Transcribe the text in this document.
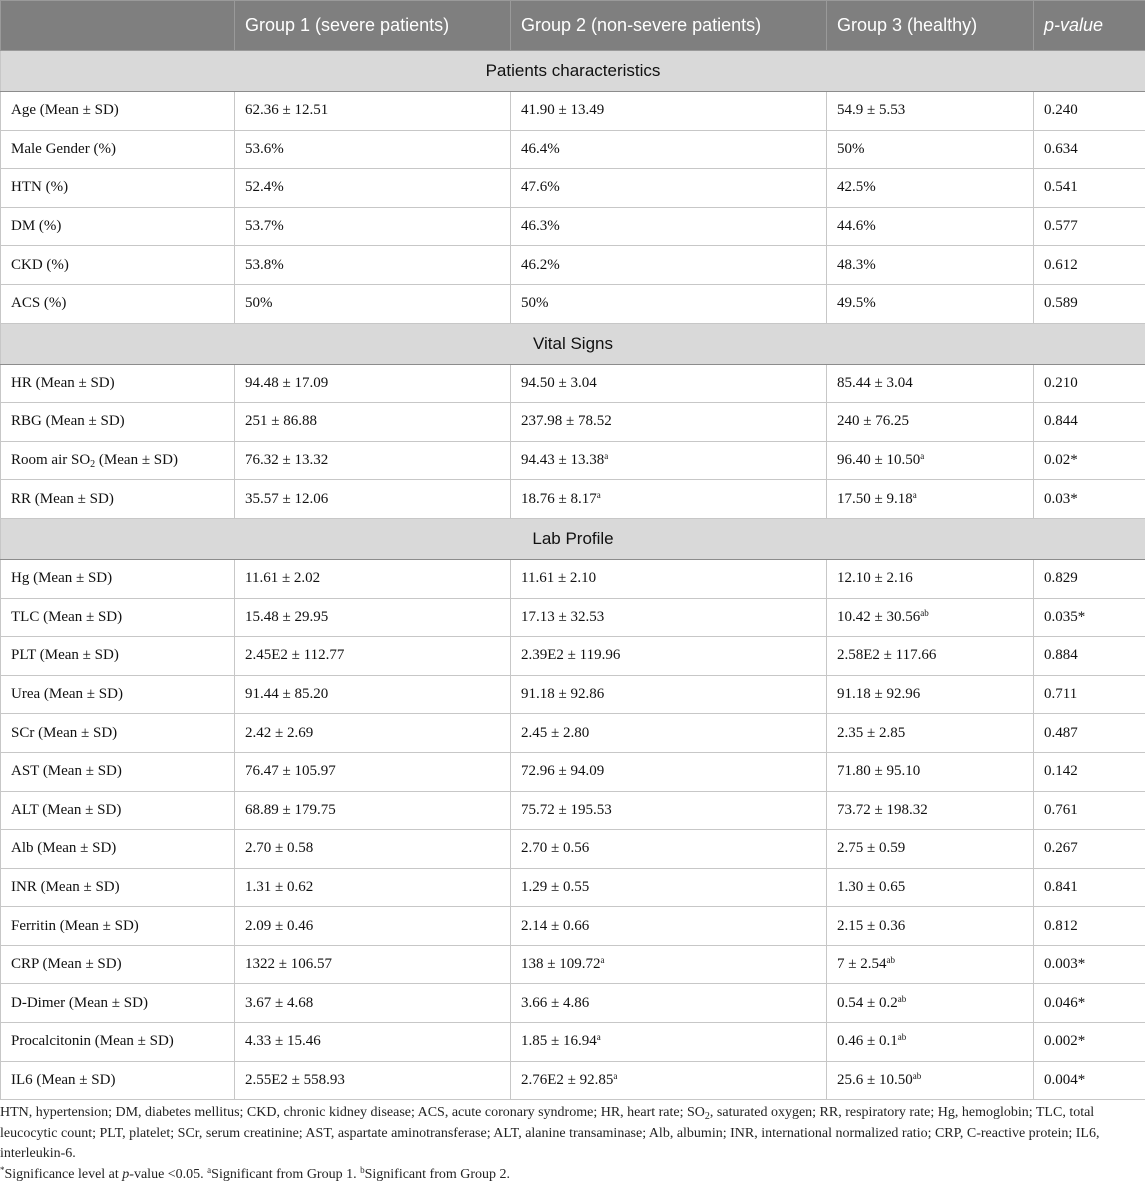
	Group 1 (severe patients)	Group 2 (non-severe patients)	Group 3 (healthy)	p-value
Patients characteristics				
Age (Mean ± SD)	62.36 ± 12.51	41.90 ± 13.49	54.9 ± 5.53	0.240
Male Gender (%)	53.6%	46.4%	50%	0.634
HTN (%)	52.4%	47.6%	42.5%	0.541
DM (%)	53.7%	46.3%	44.6%	0.577
CKD (%)	53.8%	46.2%	48.3%	0.612
ACS (%)	50%	50%	49.5%	0.589
Vital Signs				
HR (Mean ± SD)	94.48 ± 17.09	94.50 ± 3.04	85.44 ± 3.04	0.210
RBG (Mean ± SD)	251 ± 86.88	237.98 ± 78.52	240 ± 76.25	0.844
Room air $SO_2$ (Mean ± SD)	76.32 ± 13.32	94.43 ± 13.38$^a$	96.40 ± 10.50$^a$	0.02*
RR (Mean ± SD)	35.57 ± 12.06	18.76 ± 8.17$^a$	17.50 ± 9.18$^a$	0.03*
Lab Profile				
Hg (Mean ± SD)	11.61 ± 2.02	11.61 ± 2.10	12.10 ± 2.16	0.829
TLC (Mean ± SD)	15.48 ± 29.95	17.13 ± 32.53	10.42 ± 30.56$^{ab}$	0.035*
PLT (Mean ± SD)	2.45E2 ± 112.77	2.39E2 ± 119.96	2.58E2 ± 117.66	0.884
Urea (Mean ± SD)	91.44 ± 85.20	91.18 ± 92.86	91.18 ± 92.96	0.711
SCr (Mean ± SD)	2.42 ± 2.69	2.45 ± 2.80	2.35 ± 2.85	0.487
AST (Mean ± SD)	76.47 ± 105.97	72.96 ± 94.09	71.80 ± 95.10	0.142
ALT (Mean ± SD)	68.89 ± 179.75	75.72 ± 195.53	73.72 ± 198.32	0.761
Alb (Mean ± SD)	2.70 ± 0.58	2.70 ± 0.56	2.75 ± 0.59	0.267
INR (Mean ± SD)	1.31 ± 0.62	1.29 ± 0.55	1.30 ± 0.65	0.841
Ferritin (Mean ± SD)	2.09 ± 0.46	2.14 ± 0.66	2.15 ± 0.36	0.812
CRP (Mean ± SD)	1322 ± 106.57	138 ± 109.72$^a$	7 ± 2.54$^{ab}$	0.003*
D-Dimer (Mean ± SD)	3.67 ± 4.68	3.66 ± 4.86	0.54 ± 0.2$^{ab}$	0.046*
Procalcitonin (Mean ± SD)	4.33 ± 15.46	1.85 ± 16.94$^a$	0.46 ± 0.1$^{ab}$	0.002*
IL6 (Mean ± SD)	2.55E2 ± 558.93	2.76E2 ± 92.85$^a$	25.6 ± 10.50$^{ab}$	0.004*

HTN, hypertension; DM, diabetes mellitus; CKD, chronic kidney disease; ACS, acute coronary syndrome; HR, heart rate; $SO_2$, saturated oxygen; RR, respiratory rate; Hg, hemoglobin; TLC, total leucocytic count; PLT, platelet; SCr, serum creatinine; AST, aspartate aminotransferase; ALT, alanine transaminase; Alb, albumin; INR, international normalized ratio; CRP, C-reactive protein; IL6, interleukin-6.

*Significance level at p-value <0.05. $^a$Significant from Group 1. $^b$Significant from Group 2.
